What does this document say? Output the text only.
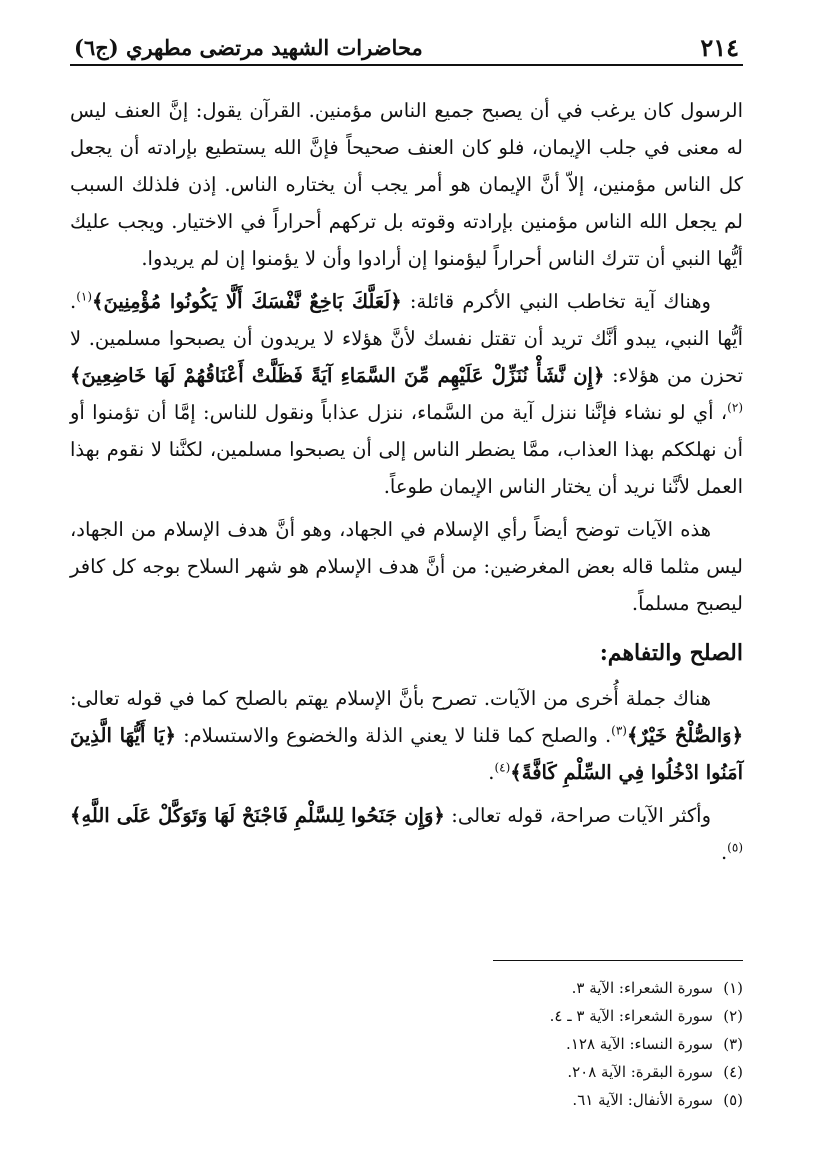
٢١٤
محاضرات الشهيد مرتضى مطهري (ج٦)

الرسول كان يرغب في أن يصبح جميع الناس مؤمنين. القرآن يقول: إنَّ العنف ليس له معنى في جلب الإيمان، فلو كان العنف صحيحاً فإنَّ الله يستطيع بإرادته أن يجعل كل الناس مؤمنين، إلاّ أنَّ الإيمان هو أمر يجب أن يختاره الناس. إذن فلذلك السبب لم يجعل الله الناس مؤمنين بإرادته وقوته بل تركهم أحراراً في الاختيار. ويجب عليك أيُّها النبي أن تترك الناس أحراراً ليؤمنوا إن أرادوا وأن لا يؤمنوا إن لم يريدوا.

وهناك آية تخاطب النبي الأكرم قائلة: ﴿لَعَلَّكَ بَاخِعٌ نَّفْسَكَ أَلَّا يَكُونُوا مُؤْمِنِينَ﴾$^{(١)}$. أيُّها النبي، يبدو أنَّك تريد أن تقتل نفسك لأنَّ هؤلاء لا يريدون أن يصبحوا مسلمين. لا تحزن من هؤلاء: ﴿إِن نَّشَأْ نُنَزِّلْ عَلَيْهِم مِّنَ السَّمَاءِ آيَةً فَظَلَّتْ أَعْنَاقُهُمْ لَهَا خَاضِعِينَ﴾$^{(٢)}$، أي لو نشاء فإنَّنا ننزل آية من السَّماء، ننزل عذاباً ونقول للناس: إمَّا أن تؤمنوا أو أن نهلككم بهذا العذاب، ممَّا يضطر الناس إلى أن يصبحوا مسلمين، لكنَّنا لا نقوم بهذا العمل لأنَّنا نريد أن يختار الناس الإيمان طوعاً.

هذه الآيات توضح أيضاً رأي الإسلام في الجهاد، وهو أنَّ هدف الإسلام من الجهاد، ليس مثلما قاله بعض المغرضين: من أنَّ هدف الإسلام هو شهر السلاح بوجه كل كافر ليصبح مسلماً.

الصلح والتفاهم:

هناك جملة أُخرى من الآيات. تصرح بأنَّ الإسلام يهتم بالصلح كما في قوله تعالى: ﴿وَالصُّلْحُ خَيْرٌ﴾$^{(٣)}$. والصلح كما قلنا لا يعني الذلة والخضوع والاستسلام: ﴿يَا أَيُّهَا الَّذِينَ آمَنُوا ادْخُلُوا فِي السِّلْمِ كَافَّةً﴾$^{(٤)}$.

وأكثر الآيات صراحة، قوله تعالى: ﴿وَإِن جَنَحُوا لِلسَّلْمِ فَاجْنَحْ لَهَا وَتَوَكَّلْ عَلَى اللَّهِ﴾$^{(٥)}$.

(١)
سورة الشعراء: الآية ٣.
(٢)
سورة الشعراء: الآية ٣ ـ ٤.
(٣)
سورة النساء: الآية ١٢٨.
(٤)
سورة البقرة: الآية ٢٠٨.
(٥)
سورة الأنفال: الآية ٦١.
